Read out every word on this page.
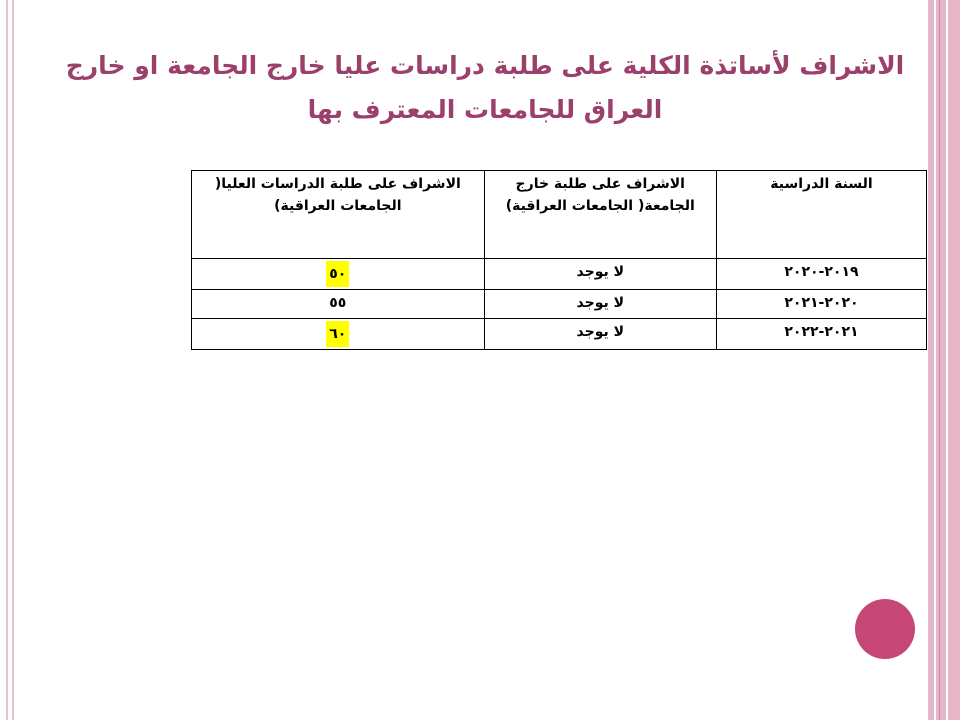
الاشراف لأساتذة الكلية على طلبة دراسات عليا خارج الجامعة او خارج العراق للجامعات المعترف بها
السنة الدراسية	الاشراف على طلبة خارج الجامعة( الجامعات العراقية)	الاشراف على طلبة الدراسات العليا( الجامعات العراقية)
٢٠١٩-٢٠٢٠	لا يوجد	٥٠
٢٠٢٠-٢٠٢١	لا يوجد	٥٥
٢٠٢١-٢٠٢٢	لا يوجد	٦٠
